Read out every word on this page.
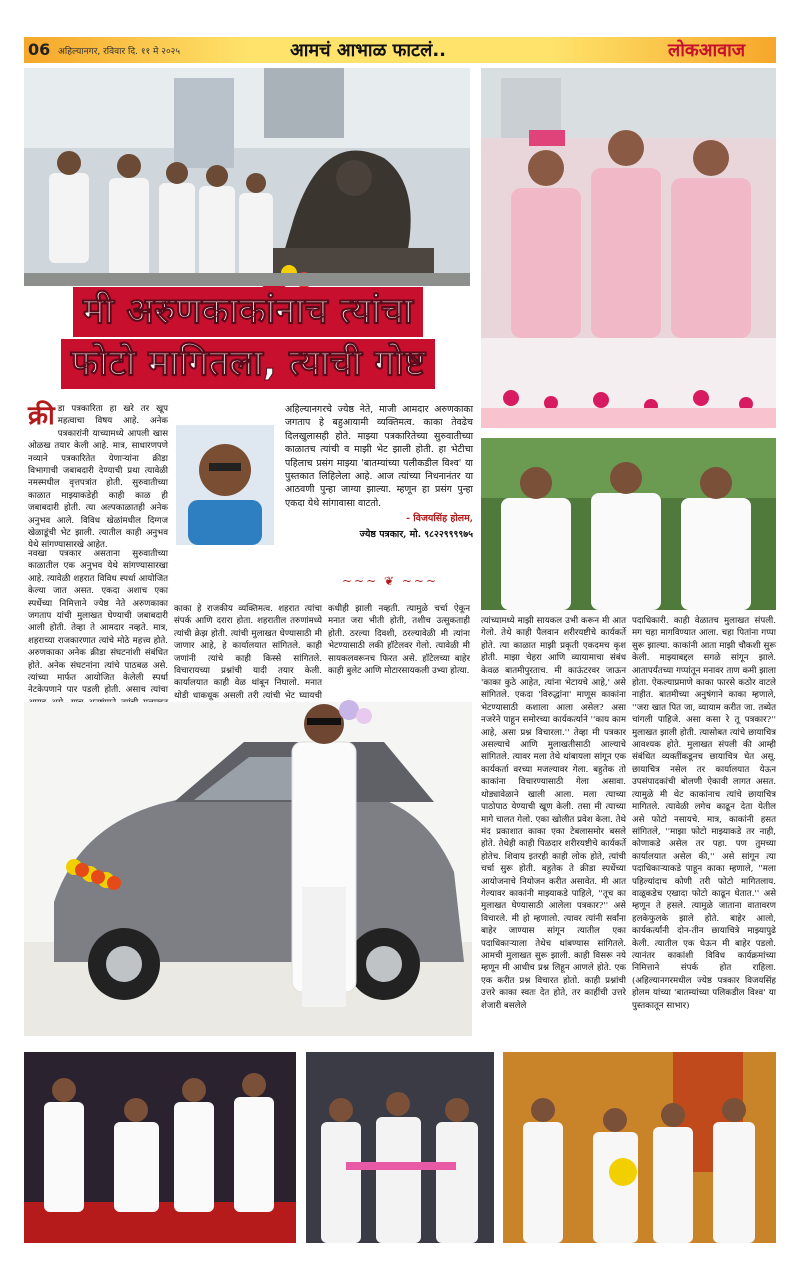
06 अहिल्यानगर, रविवार दि. ११ मे २०२५	आमचं आभाळ फाटलं..	लोकआवाज
मी अरुणकाकांनाच त्यांचा
फोटो मागितला, त्याची गोष्ट

क्री डा पत्रकारिता हा खरे तर खूप महत्वाचा विषय आहे. अनेक पत्रकारांनी याच्यामध्ये आपली खास ओळख तयार केली आहे. मात्र, साधारणपणे नव्याने पत्रकारितेत येणाऱ्यांना क्रीडा विभागाची जबाबदारी देण्याची प्रथा त्यावेळी नमस्मधील वृत्तपत्रांत होती. सुरुवातीच्या काळात माझ्याकडेही काही काळ ही जबाबदारी होती. त्या अल्पकाळातही अनेक अनुभव आले. विविध खेळांमधील दिग्गज खेळाडूंची भेट झाली. त्यातील काही अनुभव येथे सांगण्यासारखे आहेत.

अहिल्यानगरचे ज्येष्ठ नेते, माजी आमदार अरुणकाका जगताप हे बहुआयामी व्यक्तिमत्व. काका तेवढेच दिलखुलासही होते. माझ्या पत्रकारितेच्या सुरुवातीच्या काळातच त्यांची व माझी भेट झाली होती. हा भेटीचा पहिलाच प्रसंग माझ्या 'बातम्यांच्या पलीकडील विश्व' या पुस्तकात लिहिलेला आहे. आज त्यांच्या निधनानंतर या आठवणी पुन्हा जाग्या झाल्या. म्हणून हा प्रसंग पुन्हा एकदा येथे सांगावासा वाटतो.

- विजयसिंह होलम,

ज्येष्ठ पत्रकार, मो. ९८२२९९९९७५

~~~ ❦ ~~~

नवखा पत्रकार असताना सुरुवातीच्या काळातील एक अनुभव येथे सांगण्यासारखा आहे. त्यावेळी शहरात विविध स्पर्धा आयोजित केल्या जात असत. एकदा अशाच एका स्पर्धेच्या निमित्ताने ज्येष्ठ नेते अरुणकाका जगताप यांची मुलाखत घेण्याची जबाबदारी आली होती. तेव्हा ते आमदार नव्हते. मात्र, शहराच्या राजकारणात त्यांचे मोठे महत्त्व होते. अरुणकाका अनेक क्रीडा संघटनांशी संबंधित होते. अनेक संघटनांना त्यांचे पाठबळ असे. त्यांच्या मार्फत आयोजित केलेली स्पर्धा नेटकेपणाने पार पडली होती. असाच त्यांचा

काका हे राजकीय व्यक्तिमत्व. शहरात त्यांचा संपर्क आणि दरारा होता. शहरातील तरुणांमध्ये त्यांची क्रेझ होती. त्यांची मुलाखत घेण्यासाठी मी जाणार आहे, हे कार्यालयात सांगितले. काही जणांनी त्यांचे काही किस्से सांगितले. विचारायच्या प्रश्नांची यादी तयार केली. कार्यालयात काही वेळ थांबून निघालो. मनात थोडी धाकधूक असली तरी त्यांची भेट घ्यायची

कधीही झाली नव्हती. त्यामुळे चर्चा ऐकून मनात जरा भीती होती, तशीच उत्सुकताही होती. ठरल्या दिवशी, ठरल्यावेळी मी त्यांना भेटण्यासाठी लकी हॉटेलवर गेलो. त्यावेळी मी सायकलवरूनच फिरत असे. हॉटेलच्या बाहेर काही बुलेट आणि मोटारसायकली उभ्या होत्या.

त्यांच्यामध्ये माझी सायकल उभी करून मी आत गेलो. तेथे काही पैलवान शरीरयष्टीचे कार्यकर्ते होते. त्या काळात माझी प्रकृती एकदमच कृश होती. माझा चेहरा आणि व्यायामाचा संबंध केवळ बातमीपुरताच. मी काऊंटरवर जाऊन 'काका कुठे आहेत, त्यांना भेटायचे आहे,' असे सांगितले. एकदा 'विरुद्धांना' माणूस काकांना भेटण्यासाठी कशाला आला असेल? असा नजरेने पाहून समोरच्या कार्यकर्त्याने ''काय काम आहे, असा प्रश्न विचारला.'' तेव्हा मी पत्रकार असल्याचे आणि मुलाखतीसाठी आल्याचे सांगितले. त्यावर मला तेथे थांबायला सांगून एक कार्यकर्ता वरच्या मजल्यावर गेला. बहुतेक तो काकांना विचारण्यासाठी गेला असावा. थोड्यावेळाने खाली आला. मला त्याच्या पाठोपाठ येण्याची खूण केली. तसा मी त्याच्या मागे चालत गेलो. एका खोलीत प्रवेश केला. तेथे मंद प्रकाशात काका एका टेबलासमोर बसले होते. तेथेही काही पिळदार शरीरयष्टीचे कार्यकर्ते होतेच. शिवाय इतरही काही लोक होते, त्यांची चर्चा सुरू होती. बहुतेक ते क्रीडा स्पर्धेच्या आयोजनाचे नियोजन करीत असावेत. मी आत गेल्यावर काकांनी माझ्याकडे पाहिले, ''तूच का मुलाखत घेण्यासाठी आलेला पत्रकार?'' असे विचारले. मी हो म्हणालो. त्यावर त्यांनी सर्वांना बाहेर जाण्यास सांगून त्यातील एका पदाधिकाऱ्याला तेथेच थांबण्यास सांगितले. आमची मुलाखत सुरू झाली. काही विसरू नये म्हणून मी आधीच प्रश्न लिहून आणले होते. एक एक करीत प्रश्न विचारत होतो. काही प्रश्नांची उत्तरे काका स्वतः देत होते, तर काहींची उत्तरे शेजारी बसलेले

पदाधिकारी. काही वेळातच मुलाखत संपली. मग चहा मागविण्यात आला. चहा पितांना गप्पा सुरू झाल्या. काकांनी आता माझी चौकशी सुरू केली. माझ्याबद्दल सगळे सांगून झाले. आतापर्यंतच्या गप्पांतून मनावर ताण कमी झाला होता. ऐकल्याप्रमाणे काका फारसे कठोर वाटले नाहीत. बातमीच्या अनुषंगाने काका म्हणाले, ''जरा खात पित जा, व्यायाम करीत जा. तब्येत चांगली पाहिजे. असा कसा रे तू पत्रकार?'' मुलाखत झाली होती. त्यासोबत त्यांचे छायाचित्र आवश्यक होते. मुलाखत संपली की आम्ही संबंधित व्यक्तींकडूनच छायाचित्र घेत असू. छायाचित्र नसेल तर कार्यालयात येऊन उपसंपादकांची बोलणी ऐकावी लागत असत. त्यामुळे मी थेट काकांनाच त्यांचे छायाचित्र मागितले. त्यावेळी लगेच काढून देता येतील असे फोटो नसायचे. मात्र, काकांनी हसत सांगितले, ''माझा फोटो माझ्याकडे तर नाही, कोणाकडे असेल तर पहा. पण तुमच्या कार्यालयात असेल की,'' असे सांगून त्या पदाधिकाऱ्याकडे पाहून काका म्हणाले, ''मला पहिल्यांदाच कोणी तरी फोटो मागितलाय. वाळूकडेच एखादा फोटो काढून घेतात.'' असे म्हणून ते हसले. त्यामुळे जाताना वातावरण हलकेफुलके झाले होते. बाहेर आलो, कार्यकर्त्यांनी दोन-तीन छायाचित्रे माझ्यापुढे केली. त्यातील एक घेऊन मी बाहेर पडलो. त्यानंतर काकांशी विविध कार्यक्रमांच्या निमित्ताने संपर्क होत राहिला. (अहिल्यानगरमधील ज्येष्ठ पत्रकार विजयसिंह होलम यांच्या 'बातम्यांच्या पलिकडील विश्व' या पुस्तकातून साभार)
